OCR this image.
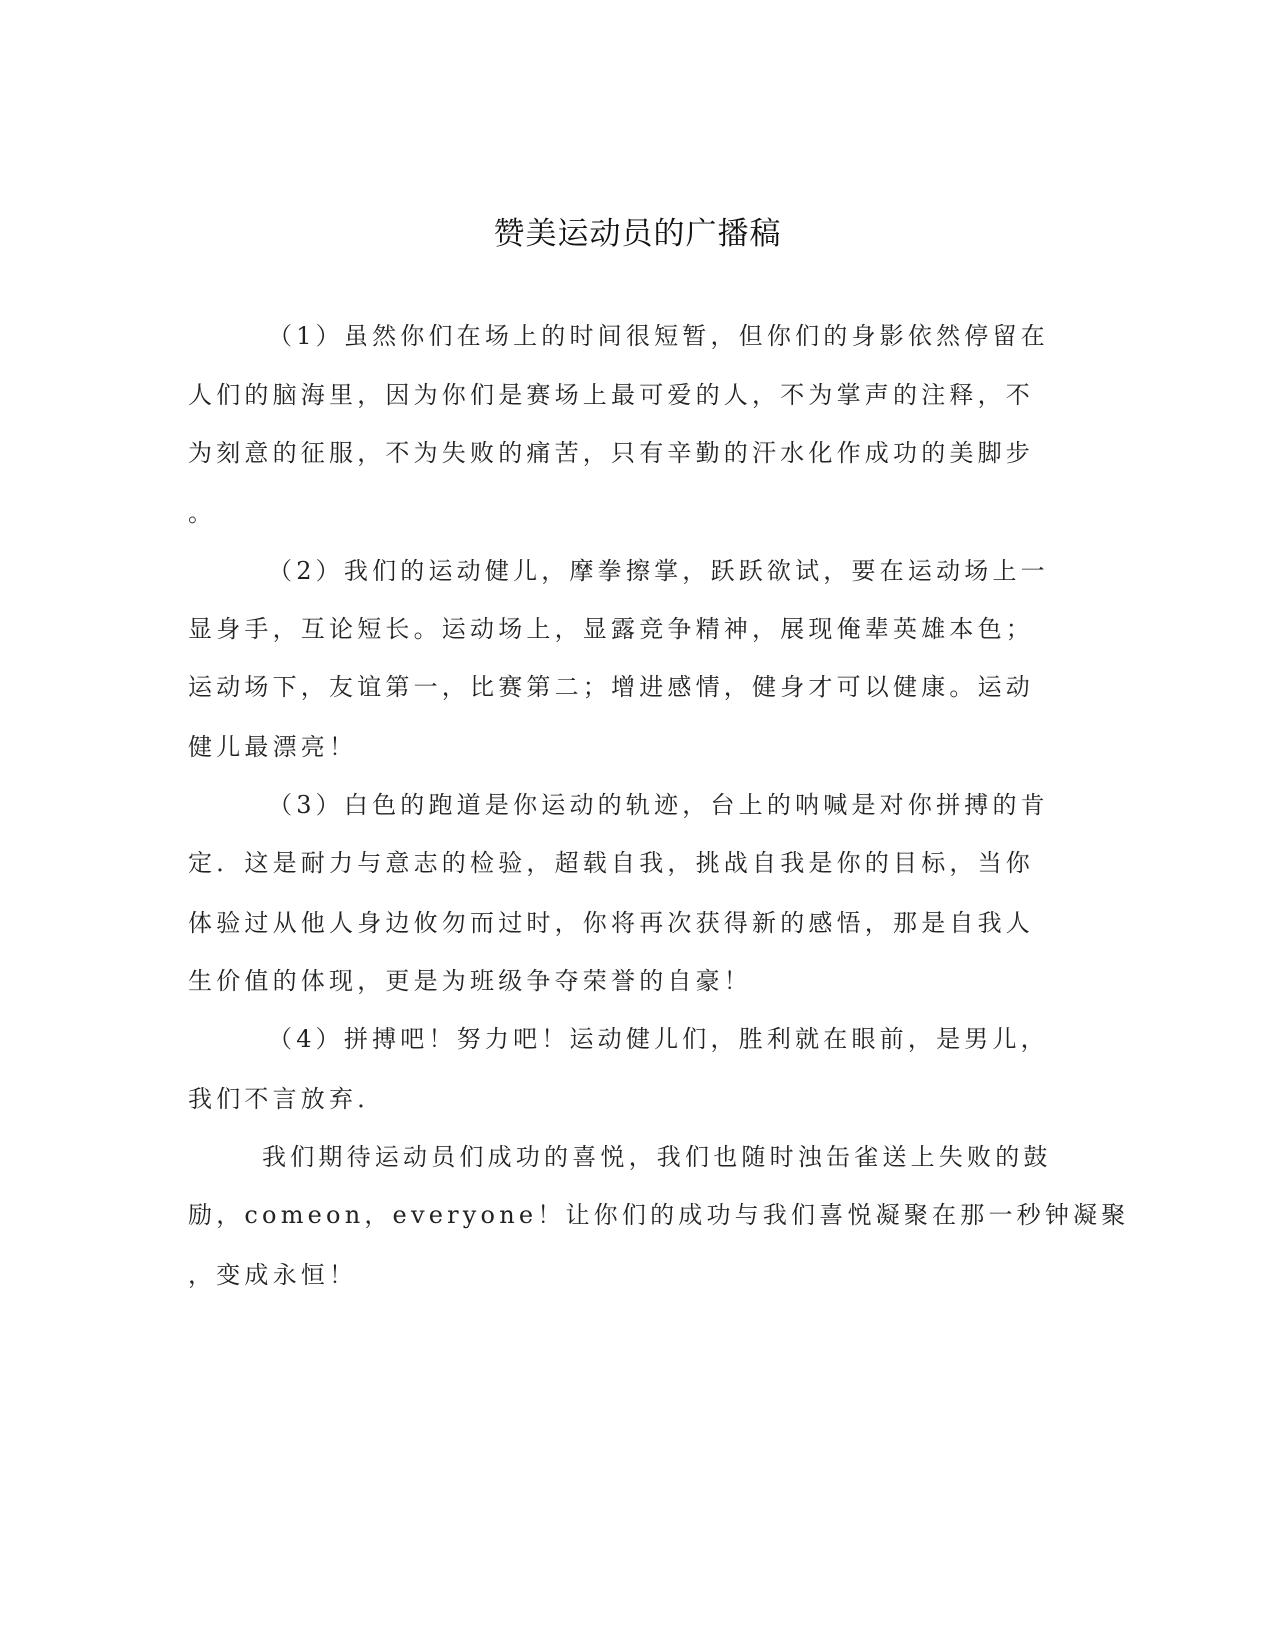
赞美运动员的广播稿
（1）虽然你们在场上的时间很短暂，但你们的身影依然停留在
人们的脑海里，因为你们是赛场上最可爱的人，不为掌声的注释，不
为刻意的征服，不为失败的痛苦，只有辛勤的汗水化作成功的美脚步
。
（2）我们的运动健儿，摩拳擦掌，跃跃欲试，要在运动场上一
显身手，互论短长。运动场上，显露竞争精神，展现俺辈英雄本色；
运动场下，友谊第一，比赛第二；增进感情，健身才可以健康。运动
健儿最漂亮！
（3）白色的跑道是你运动的轨迹，台上的呐喊是对你拼搏的肯
定．这是耐力与意志的检验，超载自我，挑战自我是你的目标，当你
体验过从他人身边攸勿而过时，你将再次获得新的感悟，那是自我人
生价值的体现，更是为班级争夺荣誉的自豪！
（4）拼搏吧！努力吧！运动健儿们，胜利就在眼前，是男儿，
我们不言放弃．
我们期待运动员们成功的喜悦，我们也随时浊缶雀送上失败的鼓
励，comeon，everyone！让你们的成功与我们喜悦凝聚在那一秒钟凝聚
，变成永恒！
